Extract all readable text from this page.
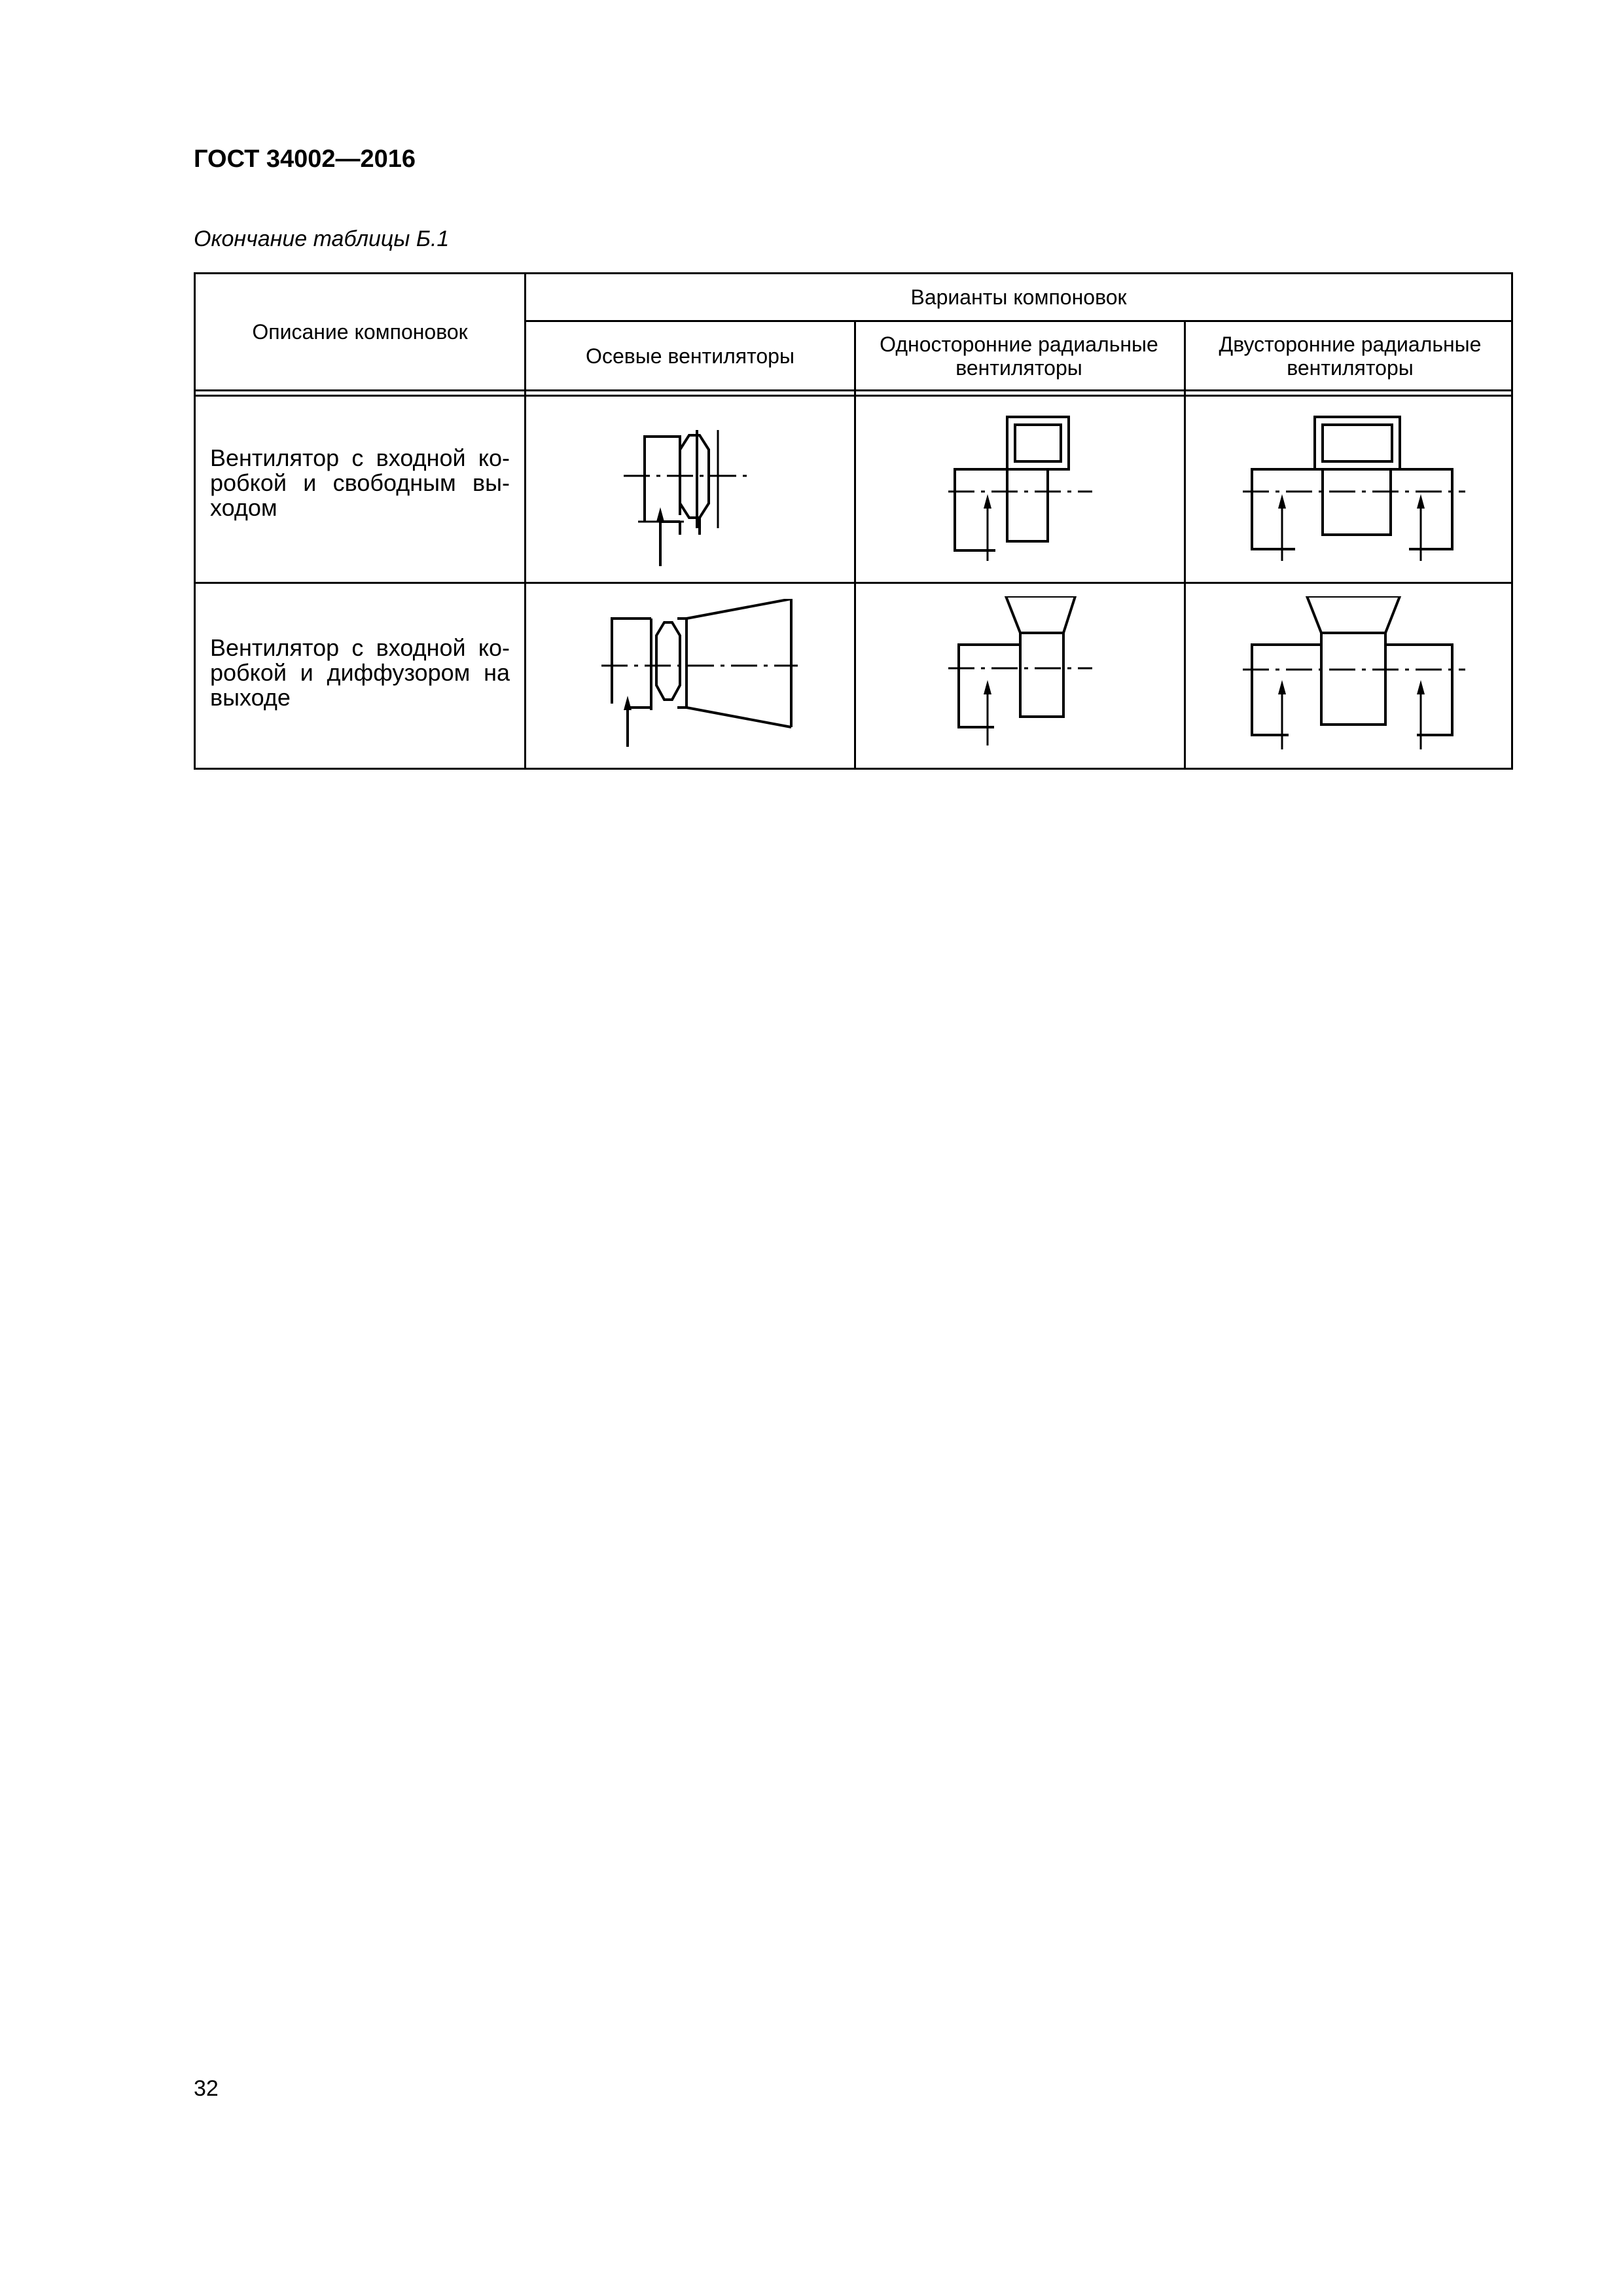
ГОСТ 34002—2016
Окончание таблицы Б.1
Описание компоновок
Варианты компоновок
Осевые вентиляторы	Односторонние радиальные вентиляторы
Двусторонние радиальные вентиляторы
Вентилятор с входной ко-робкой и свободным вы-ходом
Вентилятор с входной ко-робкой и диффузором на выходе
32
